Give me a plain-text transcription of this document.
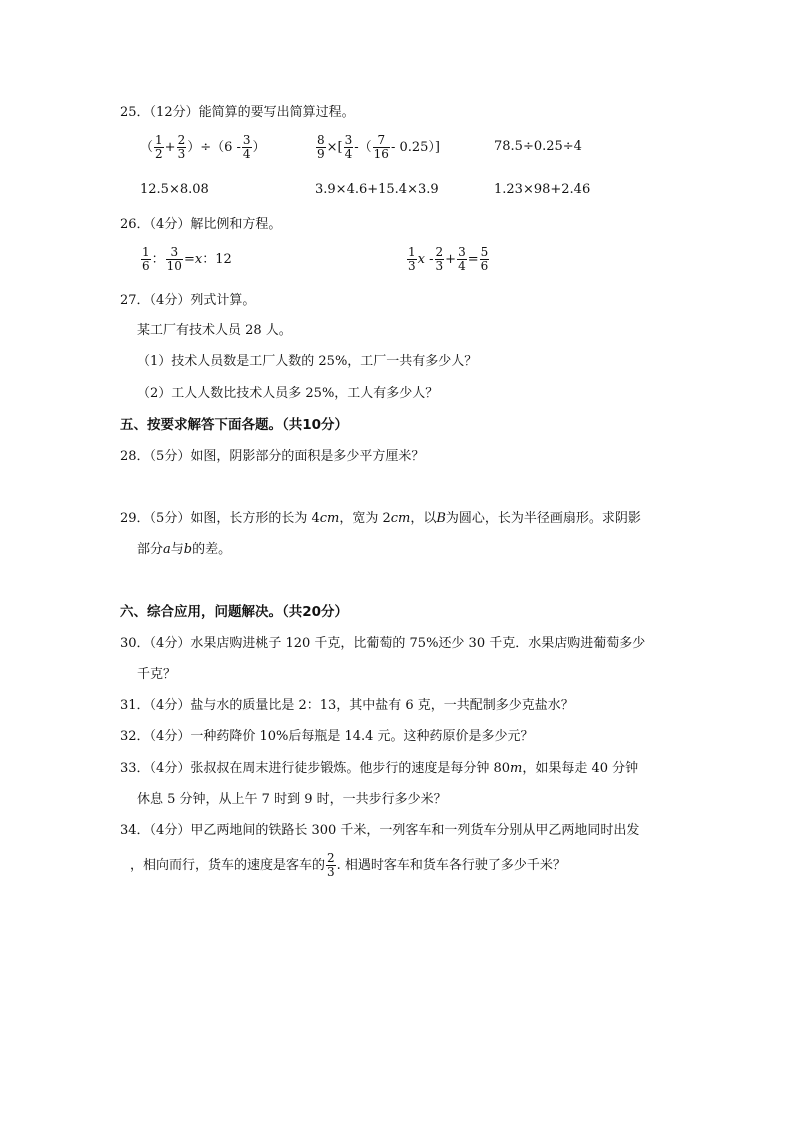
25．（12分）能简算的要写出简算过程。
（ $\frac{1}{2} + \frac{2}{3} )\div(6 - \frac{3}{4}$ ）	$\frac{8}{9}$ ×[ $\frac{3}{4}$ -（ $\frac{7}{16} - 0.25$）]	78.5÷0.25÷4
12.5×8.08	3.9×4.6+15.4×3.9	1.23×98+2.46
26．（4分）解比例和方程。
$\frac{1}{6}$ ： $\frac{3}{10} =x$：12	$\frac{1}{3}$ $x - \frac{2}{3} + \frac{3}{4} = \frac{5}{6}$
27．（4分）列式计算。
某工厂有技术人员 28 人。
（1）技术人员数是工厂人数的 25%，工厂一共有多少人？
（2）工人人数比技术人员多 25%，工人有多少人？
五、按要求解答下面各题。（共10分）
28．（5分）如图，阴影部分的面积是多少平方厘米？
29．（5分）如图，长方形的长为 4cm，宽为 2cm，以B为圆心，长为半径画扇形。求阴影
部分a与b的差。
六、综合应用，问题解决。（共20分）
30．（4分）水果店购进桃子 120 千克，比葡萄的 75%还少 30 千克．水果店购进葡萄多少
千克？
31．（4分）盐与水的质量比是 2：13，其中盐有 6 克，一共配制多少克盐水？
32．（4分）一种药降价 10%后每瓶是 14.4 元。这种药原价是多少元？
33．（4分）张叔叔在周末进行徒步锻炼。他步行的速度是每分钟 80m，如果每走 40 分钟
休息 5 分钟，从上午 7 时到 9 时，一共步行多少米？
34．（4分）甲乙两地间的铁路长 300 千米，一列客车和一列货车分别从甲乙两地同时出发
，相向而行，货车的速度是客车的 $\frac{2}{3}$ . 相遇时客车和货车各行驶了多少千米？
